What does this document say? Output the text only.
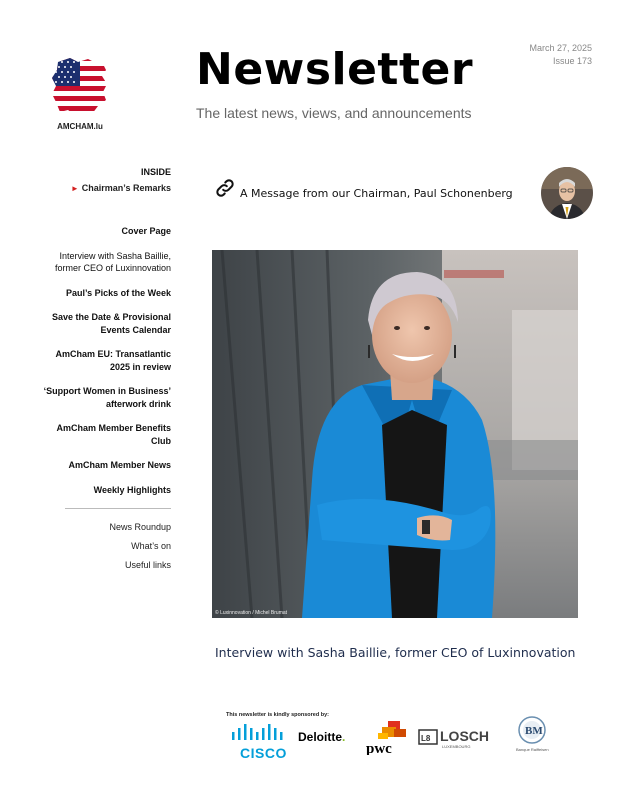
AMCHAM.lu
Newsletter
The latest news, views, and announcements
March 27, 2025
Issue 173
INSIDE
► Chairman’s Remarks
Cover Page
Interview with Sasha Baillie, former CEO of Luxinnovation
Paul’s Picks of the Week
Save the Date & Provisional Events Calendar
AmCham EU: Transatlantic 2025 in review
‘Support Women in Business’ afterwork drink
AmCham Member Benefits Club
AmCham Member News
Weekly Highlights
News Roundup
What’s on
Useful links
A Message from our Chairman, Paul Schonenberg
© Luxinnovation / Michel Brumat
Interview with Sasha Baillie, former CEO of Luxinnovation
This newsletter is kindly sponsored by:
CISCO
Deloitte.
pwc
L8 LOSCH
LUXEMBOURG
BM
Banque Raiffeisen
